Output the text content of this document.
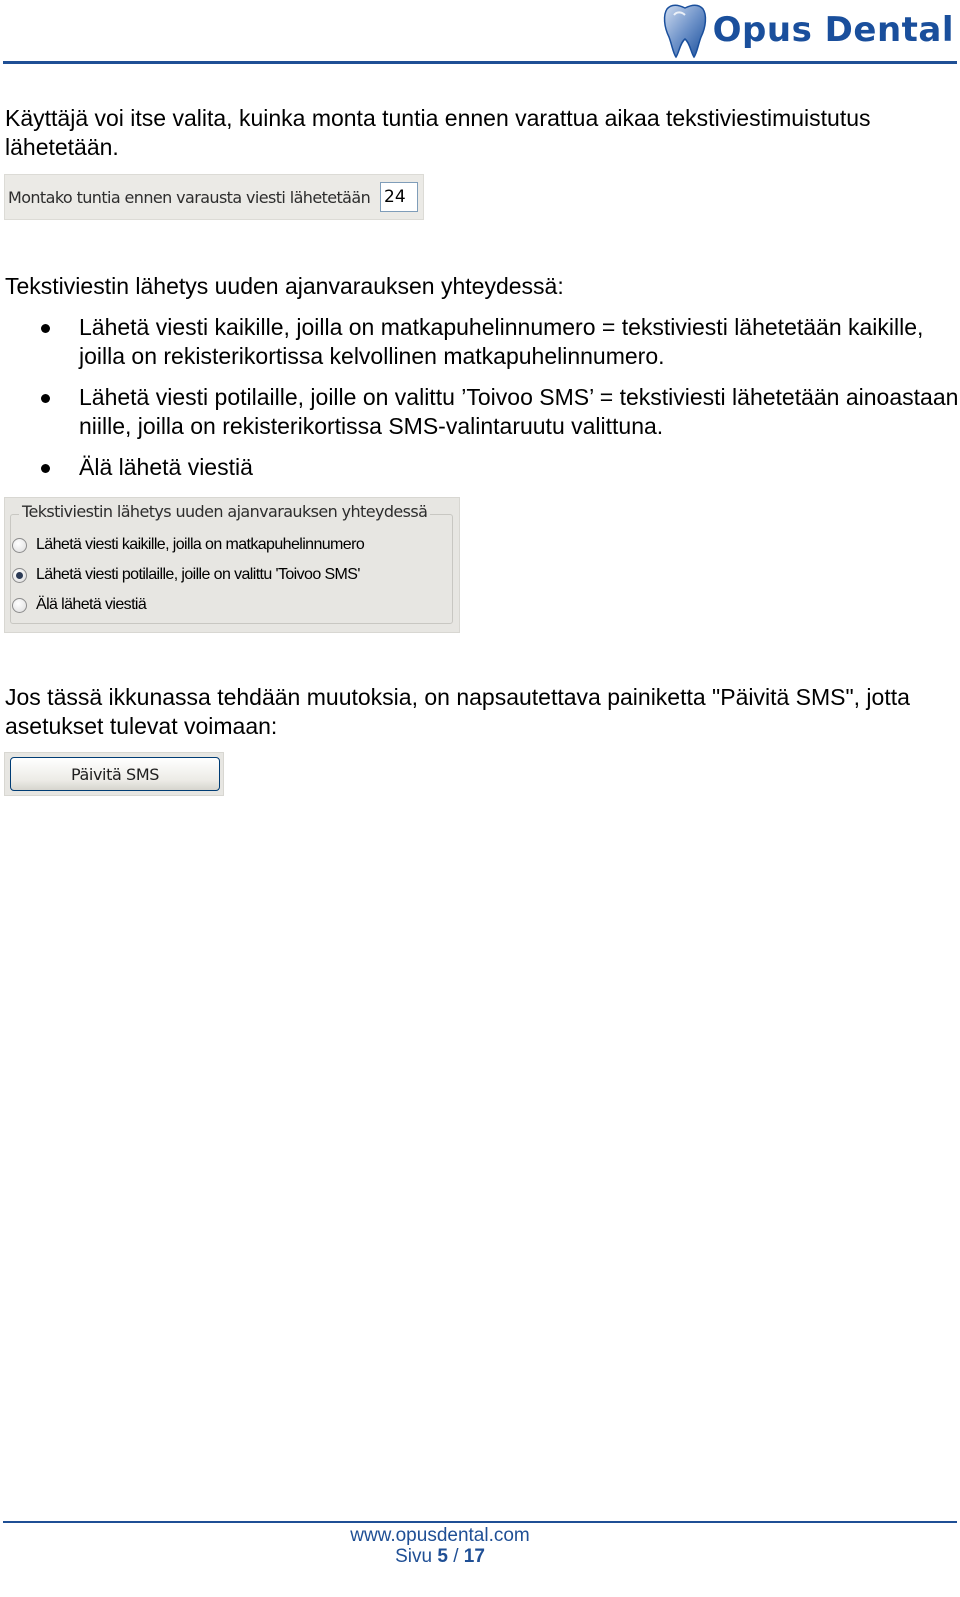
Opus Dental

Käyttäjä voi itse valita, kuinka monta tuntia ennen varattua aikaa tekstiviestimuistutus lähetetään.

Montako tuntia ennen varausta viesti lähetetään 24

Tekstiviestin lähetys uuden ajanvarauksen yhteydessä:

Lähetä viesti kaikille, joilla on matkapuhelinnumero = tekstiviesti lähetetään kaikille, joilla on rekisterikortissa kelvollinen matkapuhelinnumero.
Lähetä viesti potilaille, joille on valittu ’Toivoo SMS’ = tekstiviesti lähetetään ainoastaan niille, joilla on rekisterikortissa SMS-valintaruutu valittuna.
Älä lähetä viestiä
Tekstiviestin lähetys uuden ajanvarauksen yhteydessä
Lähetä viesti kaikille, joilla on matkapuhelinnumero
Lähetä viesti potilaille, joille on valittu 'Toivoo SMS'
Älä lähetä viestiä

Jos tässä ikkunassa tehdään muutoksia, on napsautettava painiketta "Päivitä SMS", jotta asetukset tulevat voimaan:

Päivitä SMS
www.opusdental.com
Sivu 5 / 17
